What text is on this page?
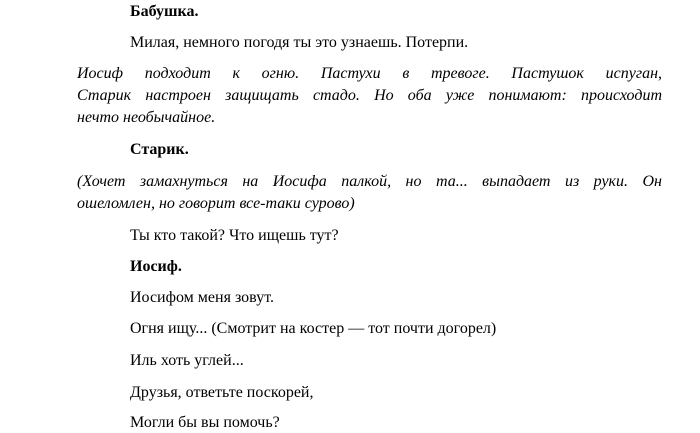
Бабушка.
Милая, немного погодя ты это узнаешь. Потерпи.
Иосиф подходит к огню. Пастухи в тревоге. Пастушок испуган,
Старик настроен защищать стадо. Но оба уже понимают: происходит
нечто необычайное.
Старик.
(Хочет замахнуться на Иосифа палкой, но та... выпадает из руки. Он
ошеломлен, но говорит все-таки сурово)
Ты кто такой? Что ищешь тут?
Иосиф.
Иосифом меня зовут.
Огня ищу... (Смотрит на костер — тот почти догорел)
Иль хоть углей...
Друзья, ответьте поскорей,
Могли бы вы помочь?
